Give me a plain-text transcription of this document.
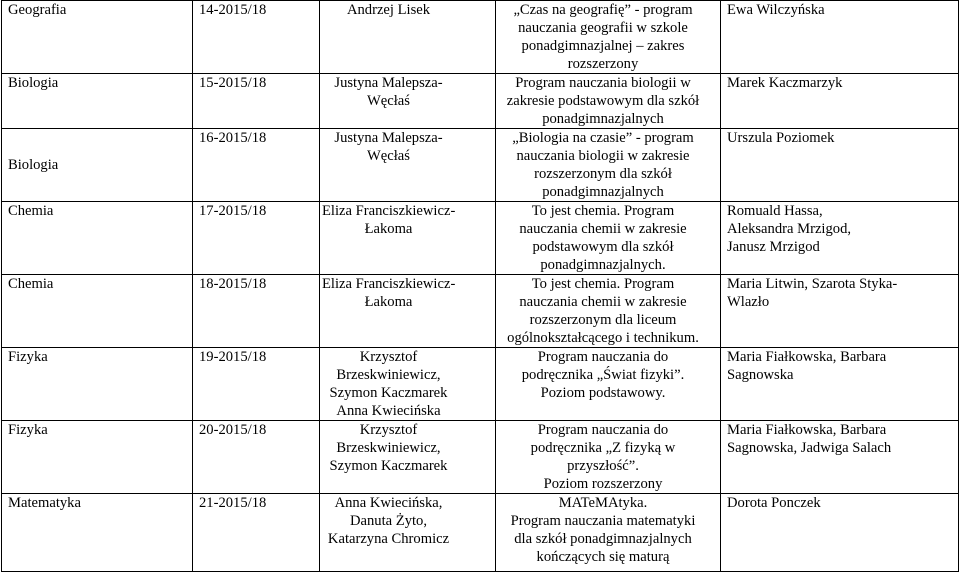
Geografia	14-2015/18	Andrzej Lisek	„Czas na geografię” - program
nauczania geografii w szkole
ponadgimnazjalnej – zakres
rozszerzony	Ewa Wilczyńska

Biologia	15-2015/18	Justyna Malepsza-
Węcłaś	Program nauczania biologii w
zakresie podstawowym dla szkół
ponadgimnazjalnych	Marek Kaczmarzyk

Biologia	16-2015/18	Justyna Malepsza-
Węcłaś	„Biologia na czasie” - program
nauczania biologii w zakresie
rozszerzonym dla szkół
ponadgimnazjalnych	Urszula Poziomek

Chemia	17-2015/18	Eliza Franciszkiewicz-
Łakoma	To jest chemia. Program
nauczania chemii w zakresie
podstawowym dla szkół
ponadgimnazjalnych.	Romuald Hassa,
Aleksandra Mrzigod,
Janusz Mrzigod

Chemia	18-2015/18	Eliza Franciszkiewicz-
Łakoma	To jest chemia. Program
nauczania chemii w zakresie
rozszerzonym dla liceum
ogólnokształcącego i technikum.	Maria Litwin, Szarota Styka-
Wlazło

Fizyka	19-2015/18	Krzysztof
Brzeskwiniewicz,
Szymon Kaczmarek
Anna Kwiecińska	Program nauczania do
podręcznika „Świat fizyki”.
Poziom podstawowy.	Maria Fiałkowska, Barbara
Sagnowska

Fizyka	20-2015/18	Krzysztof
Brzeskwiniewicz,
Szymon Kaczmarek	Program nauczania do
podręcznika „Z fizyką w
przyszłość”.
Poziom rozszerzony	Maria Fiałkowska, Barbara
Sagnowska, Jadwiga Salach

Matematyka	21-2015/18	Anna Kwiecińska,
Danuta Żyto,
Katarzyna Chromicz	MATeMAtyka.
Program nauczania matematyki
dla szkół ponadgimnazjalnych
kończących się maturą	Dorota Ponczek
